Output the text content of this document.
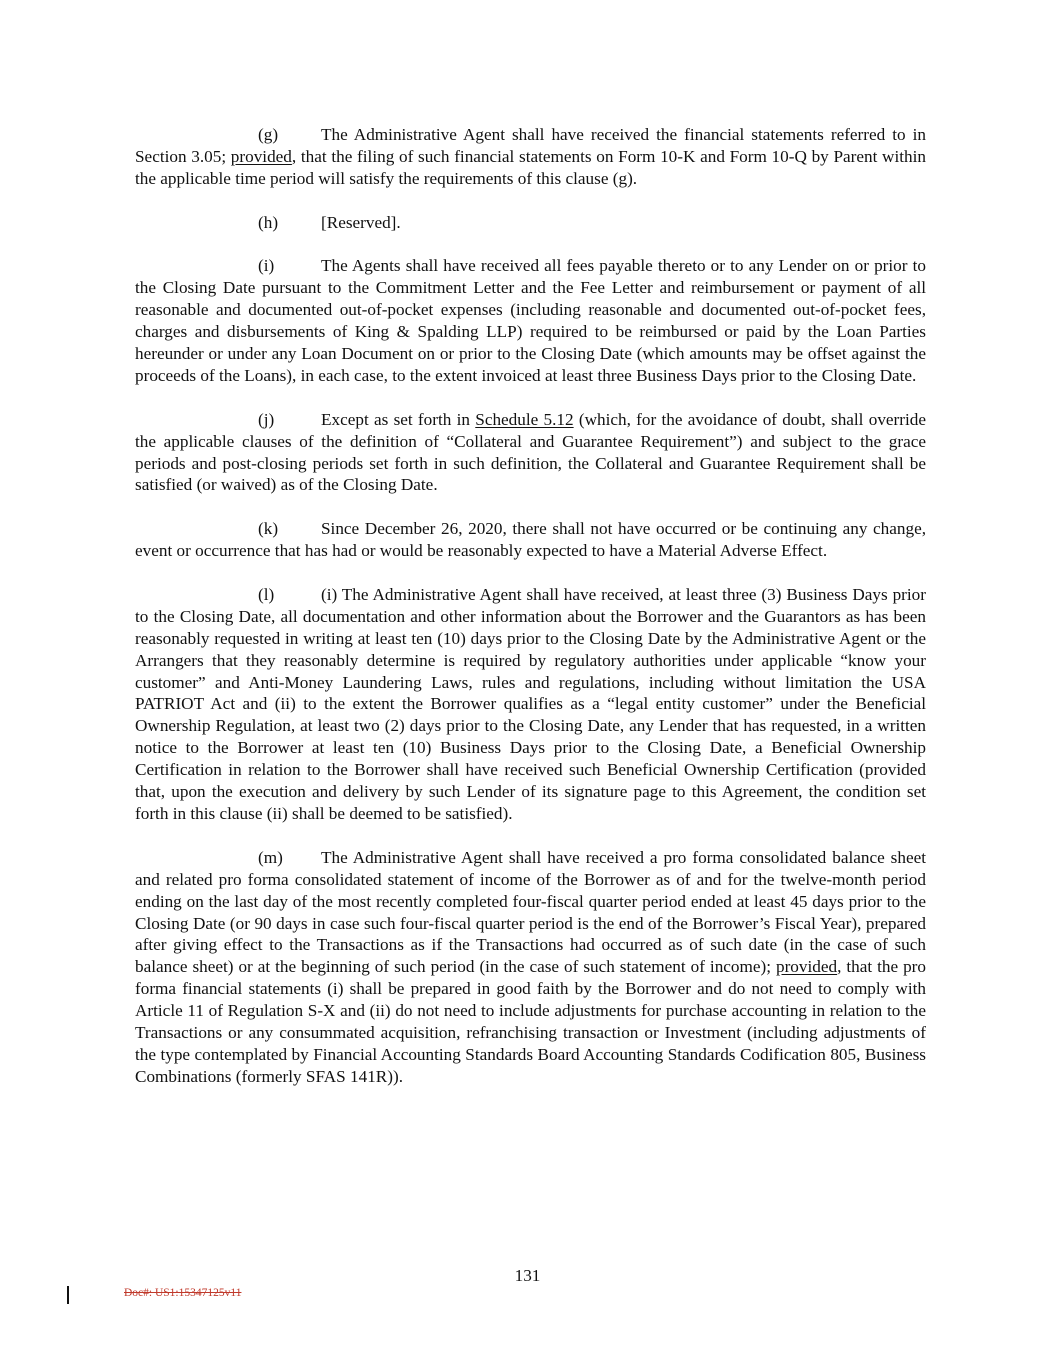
(g) The Administrative Agent shall have received the financial statements referred to in Section 3.05; provided, that the filing of such financial statements on Form 10-K and Form 10-Q by Parent within the applicable time period will satisfy the requirements of this clause (g).

(h) [Reserved].

(i)	The Agents shall have received all fees payable thereto or to any Lender on or prior to the Closing Date pursuant to the Commitment Letter and the Fee Letter and reimbursement or payment of all reasonable and documented out-of-pocket expenses (including reasonable and documented out-of-pocket fees, charges and disbursements of King & Spalding LLP) required to be reimbursed or paid by the Loan Parties hereunder or under any Loan Document on or prior to the Closing Date (which amounts may be offset against the proceeds of the Loans), in each case, to the extent invoiced at least three Business Days prior to the Closing Date.

(j)	Except as set forth in Schedule 5.12 (which, for the avoidance of doubt, shall override the applicable clauses of the definition of “Collateral and Guarantee Requirement”) and subject to the grace periods and post-closing periods set forth in such definition, the Collateral and Guarantee Requirement shall be satisfied (or waived) as of the Closing Date.

(k) Since December 26, 2020, there shall not have occurred or be continuing any change, event or occurrence that has had or would be reasonably expected to have a Material Adverse Effect.

(l)	(i) The Administrative Agent shall have received, at least three (3) Business Days prior to the Closing Date, all documentation and other information about the Borrower and the Guarantors as has been reasonably requested in writing at least ten (10) days prior to the Closing Date by the Administrative Agent or the Arrangers that they reasonably determine is required by regulatory authorities under applicable “know your customer” and Anti-Money Laundering Laws, rules and regulations, including without limitation the USA PATRIOT Act and (ii) to the extent the Borrower qualifies as a “legal entity customer” under the Beneficial Ownership Regulation, at least two (2) days prior to the Closing Date, any Lender that has requested, in a written notice to the Borrower at least ten (10) Business Days prior to the Closing Date, a Beneficial Ownership Certification in relation to the Borrower shall have received such Beneficial Ownership Certification (provided that, upon the execution and delivery by such Lender of its signature page to this Agreement, the condition set forth in this clause (ii) shall be deemed to be satisfied).

(m) The Administrative Agent shall have received a pro forma consolidated balance sheet and related pro forma consolidated statement of income of the Borrower as of and for the twelve-month period ending on the last day of the most recently completed four-fiscal quarter period ended at least 45 days prior to the Closing Date (or 90 days in case such four-fiscal quarter period is the end of the Borrower’s Fiscal Year), prepared after giving effect to the Transactions as if the Transactions had occurred as of such date (in the case of such balance sheet) or at the beginning of such period (in the case of such statement of income); provided, that the pro forma financial statements (i) shall be prepared in good faith by the Borrower and do not need to comply with Article 11 of Regulation S-X and (ii) do not need to include adjustments for purchase accounting in relation to the Transactions or any consummated acquisition, refranchising transaction or Investment (including adjustments of the type contemplated by Financial Accounting Standards Board Accounting Standards Codification 805, Business Combinations (formerly SFAS 141R)).

131
Doc#: US1:15347125v11
